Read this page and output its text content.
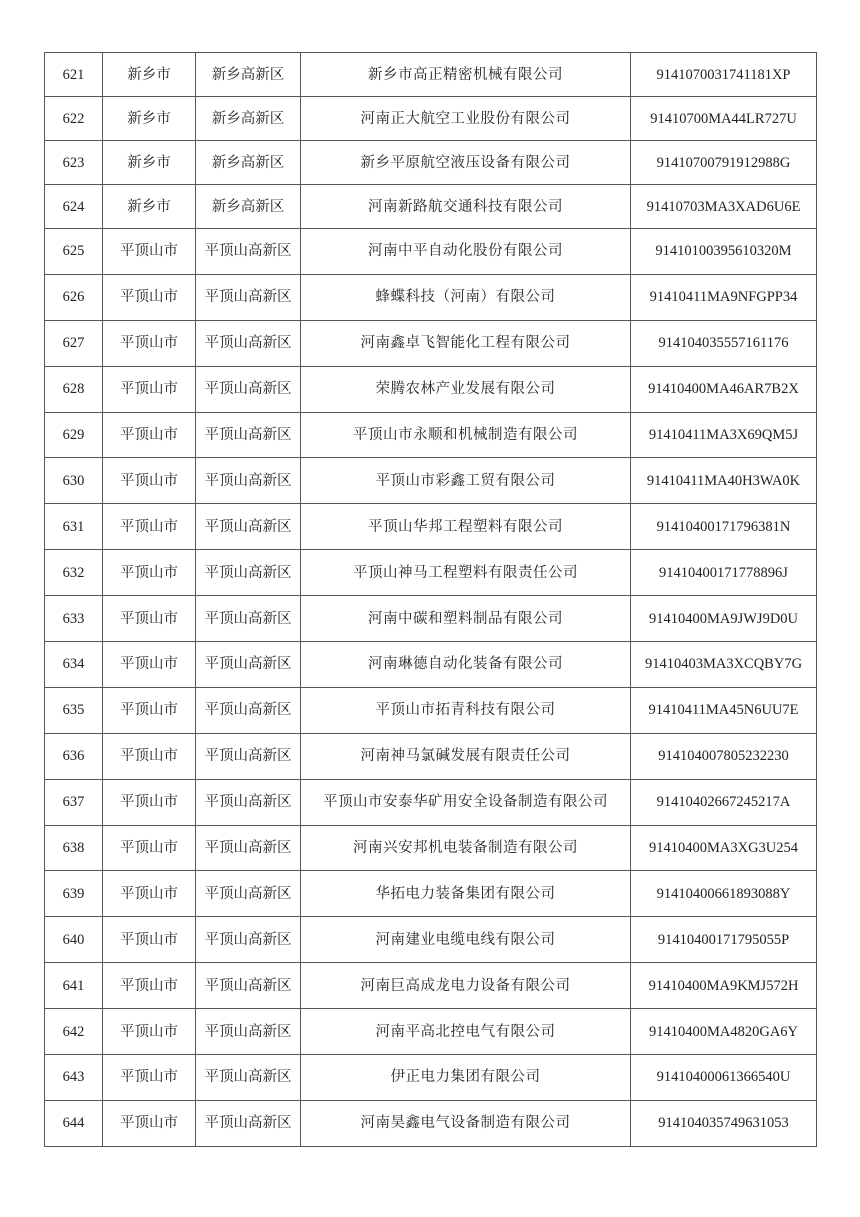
621	新乡市	新乡高新区	新乡市高正精密机械有限公司	9141070031741181XP
622	新乡市	新乡高新区	河南正大航空工业股份有限公司	91410700MA44LR727U
623	新乡市	新乡高新区	新乡平原航空液压设备有限公司	91410700791912988G
624	新乡市	新乡高新区	河南新路航交通科技有限公司	91410703MA3XAD6U6E
625	平顶山市	平顶山高新区	河南中平自动化股份有限公司	91410100395610320M
626	平顶山市	平顶山高新区	蜂蝶科技（河南）有限公司	91410411MA9NFGPP34
627	平顶山市	平顶山高新区	河南鑫卓飞智能化工程有限公司	914104035557161176
628	平顶山市	平顶山高新区	荣腾农林产业发展有限公司	91410400MA46AR7B2X
629	平顶山市	平顶山高新区	平顶山市永顺和机械制造有限公司	91410411MA3X69QM5J
630	平顶山市	平顶山高新区	平顶山市彩鑫工贸有限公司	91410411MA40H3WA0K
631	平顶山市	平顶山高新区	平顶山华邦工程塑料有限公司	91410400171796381N
632	平顶山市	平顶山高新区	平顶山神马工程塑料有限责任公司	91410400171778896J
633	平顶山市	平顶山高新区	河南中碳和塑料制品有限公司	91410400MA9JWJ9D0U
634	平顶山市	平顶山高新区	河南琳德自动化装备有限公司	91410403MA3XCQBY7G
635	平顶山市	平顶山高新区	平顶山市拓青科技有限公司	91410411MA45N6UU7E
636	平顶山市	平顶山高新区	河南神马氯碱发展有限责任公司	914104007805232230
637	平顶山市	平顶山高新区	平顶山市安泰华矿用安全设备制造有限公司	91410402667245217A
638	平顶山市	平顶山高新区	河南兴安邦机电装备制造有限公司	91410400MA3XG3U254
639	平顶山市	平顶山高新区	华拓电力装备集团有限公司	91410400661893088Y
640	平顶山市	平顶山高新区	河南建业电缆电线有限公司	91410400171795055P
641	平顶山市	平顶山高新区	河南巨高成龙电力设备有限公司	91410400MA9KMJ572H
642	平顶山市	平顶山高新区	河南平高北控电气有限公司	91410400MA4820GA6Y
643	平顶山市	平顶山高新区	伊正电力集团有限公司	91410400061366540U
644	平顶山市	平顶山高新区	河南昊鑫电气设备制造有限公司	914104035749631053
